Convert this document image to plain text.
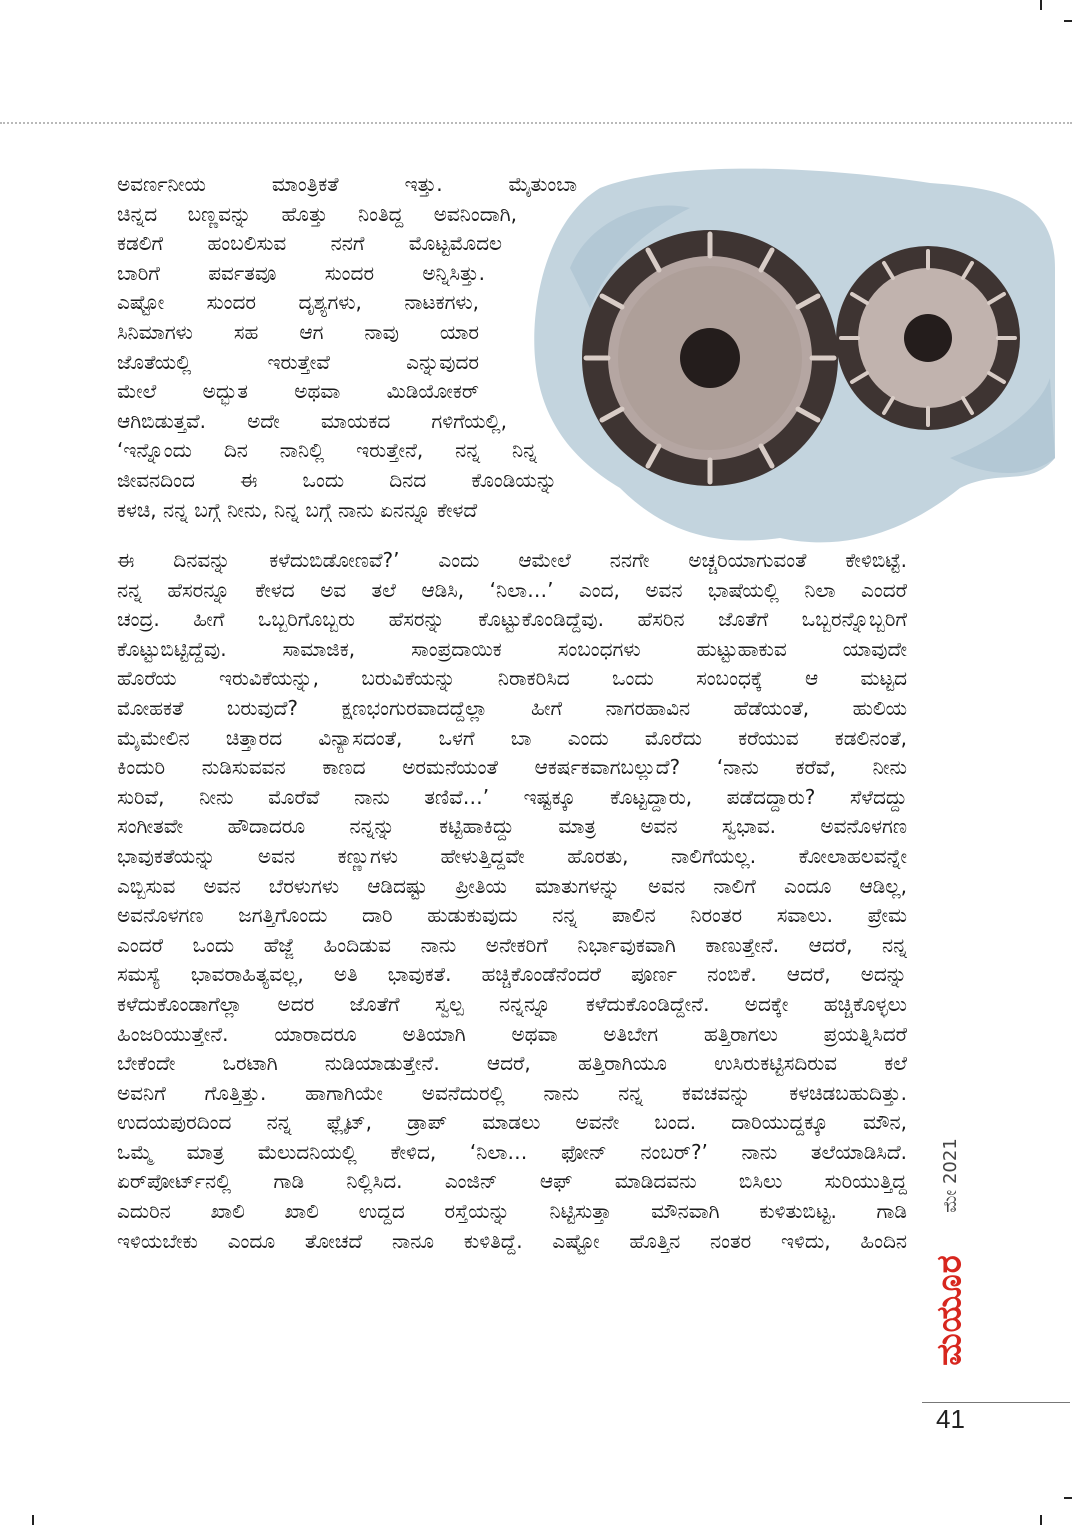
ಅವರ್ಣನೀಯ ಮಾಂತ್ರಿಕತೆ ಇತ್ತು. ಮೈತುಂಬಾ
ಚಿನ್ನದ ಬಣ್ಣವನ್ನು ಹೊತ್ತು ನಿಂತಿದ್ದ ಅವನಿಂದಾಗಿ,
ಕಡಲಿಗೆ ಹಂಬಲಿಸುವ ನನಗೆ ಮೊಟ್ಟಮೊದಲ
ಬಾರಿಗೆ ಪರ್ವತವೂ ಸುಂದರ ಅನ್ನಿಸಿತ್ತು.
ಎಷ್ಟೋ ಸುಂದರ ದೃಶ್ಯಗಳು, ನಾಟಕಗಳು,
ಸಿನಿಮಾಗಳು ಸಹ ಆಗ ನಾವು ಯಾರ
ಜೊತೆಯಲ್ಲಿ ಇರುತ್ತೇವೆ ಎನ್ನುವುದರ
ಮೇಲೆ ಅದ್ಭುತ ಅಥವಾ ಮಿಡಿಯೋಕರ್
ಆಗಿಬಿಡುತ್ತವೆ. ಅದೇ ಮಾಯಕದ ಗಳಿಗೆಯಲ್ಲಿ,
‘ಇನ್ನೊಂದು ದಿನ ನಾನಿಲ್ಲಿ ಇರುತ್ತೇನೆ, ನನ್ನ ನಿನ್ನ
ಜೀವನದಿಂದ ಈ ಒಂದು ದಿನದ ಕೊಂಡಿಯನ್ನು
ಕಳಚಿ, ನನ್ನ ಬಗ್ಗೆ ನೀನು, ನಿನ್ನ ಬಗ್ಗೆ ನಾನು ಏನನ್ನೂ ಕೇಳದೆ
ಈ ದಿನವನ್ನು ಕಳೆದುಬಿಡೋಣವೆ?’ ಎಂದು ಆಮೇಲೆ ನನಗೇ ಅಚ್ಚರಿಯಾಗುವಂತೆ ಕೇಳಿಬಿಟ್ಟೆ.
ನನ್ನ ಹೆಸರನ್ನೂ ಕೇಳದ ಅವ ತಲೆ ಆಡಿಸಿ, ‘ನಿಲಾ…’ ಎಂದ, ಅವನ ಭಾಷೆಯಲ್ಲಿ ನಿಲಾ ಎಂದರೆ
ಚಂದ್ರ. ಹೀಗೆ ಒಬ್ಬರಿಗೊಬ್ಬರು ಹೆಸರನ್ನು ಕೊಟ್ಟುಕೊಂಡಿದ್ದೆವು. ಹೆಸರಿನ ಜೊತೆಗೆ ಒಬ್ಬರನ್ನೊಬ್ಬರಿಗೆ
ಕೊಟ್ಟುಬಿಟ್ಟಿದ್ದೆವು. ಸಾಮಾಜಿಕ, ಸಾಂಪ್ರದಾಯಿಕ ಸಂಬಂಧಗಳು ಹುಟ್ಟುಹಾಕುವ ಯಾವುದೇ
ಹೊರೆಯ ಇರುವಿಕೆಯನ್ನು, ಬರುವಿಕೆಯನ್ನು ನಿರಾಕರಿಸಿದ ಒಂದು ಸಂಬಂಧಕ್ಕೆ ಆ ಮಟ್ಟದ
ಮೋಹಕತೆ ಬರುವುದೆ? ಕ್ಷಣಭಂಗುರವಾದದ್ದೆಲ್ಲಾ ಹೀಗೆ ನಾಗರಹಾವಿನ ಹೆಡೆಯಂತೆ, ಹುಲಿಯ
ಮೈಮೇಲಿನ ಚಿತ್ತಾರದ ವಿನ್ಯಾಸದಂತೆ, ಒಳಗೆ ಬಾ ಎಂದು ಮೊರೆದು ಕರೆಯುವ ಕಡಲಿನಂತೆ,
ಕಿಂದುರಿ ನುಡಿಸುವವನ ಕಾಣದ ಅರಮನೆಯಂತೆ ಆಕರ್ಷಕವಾಗಬಲ್ಲುದೆ? ‘ನಾನು ಕರೆವೆ, ನೀನು
ಸುರಿವೆ, ನೀನು ಮೊರೆವೆ ನಾನು ತಣಿವೆ…’ ಇಷ್ಟಕ್ಕೂ ಕೊಟ್ಟದ್ದಾರು, ಪಡೆದದ್ದಾರು? ಸೆಳೆದದ್ದು
ಸಂಗೀತವೇ ಹೌದಾದರೂ ನನ್ನನ್ನು ಕಟ್ಟಿಹಾಕಿದ್ದು ಮಾತ್ರ ಅವನ ಸ್ವಭಾವ. ಅವನೊಳಗಣ
ಭಾವುಕತೆಯನ್ನು ಅವನ ಕಣ್ಣುಗಳು ಹೇಳುತ್ತಿದ್ದವೇ ಹೊರತು, ನಾಲಿಗೆಯಲ್ಲ. ಕೋಲಾಹಲವನ್ನೇ
ಎಬ್ಬಿಸುವ ಅವನ ಬೆರಳುಗಳು ಆಡಿದಷ್ಟು ಪ್ರೀತಿಯ ಮಾತುಗಳನ್ನು ಅವನ ನಾಲಿಗೆ ಎಂದೂ ಆಡಿಲ್ಲ,
ಅವನೊಳಗಣ ಜಗತ್ತಿಗೊಂದು ದಾರಿ ಹುಡುಕುವುದು ನನ್ನ ಪಾಲಿನ ನಿರಂತರ ಸವಾಲು. ಪ್ರೇಮ
ಎಂದರೆ ಒಂದು ಹೆಜ್ಜೆ ಹಿಂದಿಡುವ ನಾನು ಅನೇಕರಿಗೆ ನಿರ್ಭಾವುಕವಾಗಿ ಕಾಣುತ್ತೇನೆ. ಆದರೆ, ನನ್ನ
ಸಮಸ್ಯೆ ಭಾವರಾಹಿತ್ಯವಲ್ಲ, ಅತಿ ಭಾವುಕತೆ. ಹಚ್ಚಿಕೊಂಡೆನೆಂದರೆ ಪೂರ್ಣ ನಂಬಿಕೆ. ಆದರೆ, ಅದನ್ನು
ಕಳೆದುಕೊಂಡಾಗೆಲ್ಲಾ ಅದರ ಜೊತೆಗೆ ಸ್ವಲ್ಪ ನನ್ನನ್ನೂ ಕಳೆದುಕೊಂಡಿದ್ದೇನೆ. ಅದಕ್ಕೇ ಹಚ್ಚಿಕೊಳ್ಳಲು
ಹಿಂಜರಿಯುತ್ತೇನೆ. ಯಾರಾದರೂ ಅತಿಯಾಗಿ ಅಥವಾ ಅತಿಬೇಗ ಹತ್ತಿರಾಗಲು ಪ್ರಯತ್ನಿಸಿದರೆ
ಬೇಕೆಂದೇ ಒರಟಾಗಿ ನುಡಿಯಾಡುತ್ತೇನೆ. ಆದರೆ, ಹತ್ತಿರಾಗಿಯೂ ಉಸಿರುಕಟ್ಟಿಸದಿರುವ ಕಲೆ
ಅವನಿಗೆ ಗೊತ್ತಿತ್ತು. ಹಾಗಾಗಿಯೇ ಅವನೆದುರಲ್ಲಿ ನಾನು ನನ್ನ ಕವಚವನ್ನು ಕಳಚಿಡಬಹುದಿತ್ತು.
ಉದಯಪುರದಿಂದ ನನ್ನ ಫ್ಲೈಟ್, ಡ್ರಾಪ್ ಮಾಡಲು ಅವನೇ ಬಂದ. ದಾರಿಯುದ್ದಕ್ಕೂ ಮೌನ,
ಒಮ್ಮೆ ಮಾತ್ರ ಮೆಲುದನಿಯಲ್ಲಿ ಕೇಳಿದ, ‘ನಿಲಾ… ಫೋನ್ ನಂಬರ್?’ ನಾನು ತಲೆಯಾಡಿಸಿದೆ.
ಏರ್‌ಪೋರ್ಟ್‌ನಲ್ಲಿ ಗಾಡಿ ನಿಲ್ಲಿಸಿದ. ಎಂಜಿನ್ ಆಫ್ ಮಾಡಿದವನು ಬಿಸಿಲು ಸುರಿಯುತ್ತಿದ್ದ
ಎದುರಿನ ಖಾಲಿ ಖಾಲಿ ಉದ್ದದ ರಸ್ತೆಯನ್ನು ನಿಟ್ಟಿಸುತ್ತಾ ಮೌನವಾಗಿ ಕುಳಿತುಬಿಟ್ಟ. ಗಾಡಿ
ಇಳಿಯಬೇಕು ಎಂದೂ ತೋಚದೆ ನಾನೂ ಕುಳಿತಿದ್ದೆ. ಎಷ್ಟೋ ಹೊತ್ತಿನ ನಂತರ ಇಳಿದು, ಹಿಂದಿನ
ಮೇ 2021
ಮಯೂರ
41
